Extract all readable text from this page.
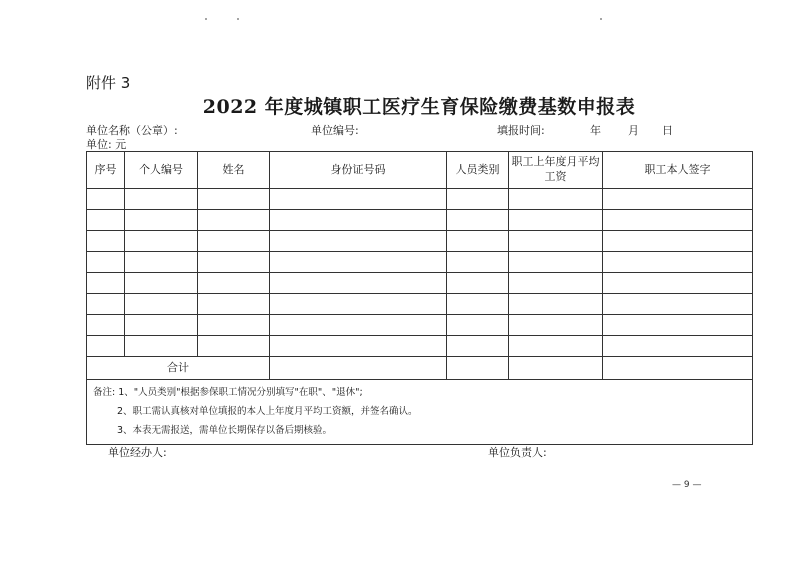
附件 3
2022 年度城镇职工医疗生育保险缴费基数申报表
单位名称（公章）:	单位编号:	填报时间:	年 月 日
单位: 元
序号	个人编号	姓名	身份证号码	人员类别	职工上年度月平均工资	职工本人签字

合计						

备注: 1、"人员类别"根据参保职工情况分别填写"在职"、"退休";
2、职工需认真核对单位填报的本人上年度月平均工资额，并签名确认。
3、本表无需报送，需单位长期保存以备后期核验。						
单位经办人:	单位负责人:
— 9 —
